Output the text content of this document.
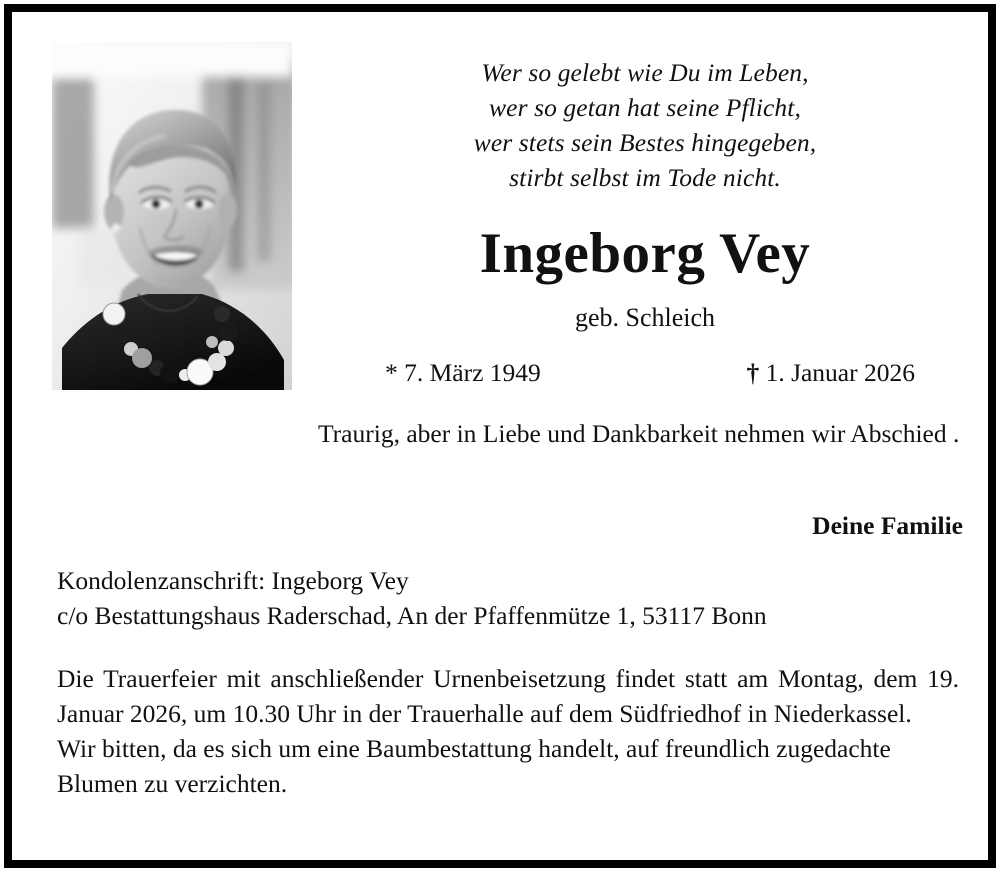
Wer so gelebt wie Du im Leben,
wer so getan hat seine Pflicht,
wer stets sein Bestes hingegeben,
stirbt selbst im Tode nicht.
Ingeborg Vey
geb. Schleich
* 7. März 1949	† 1. Januar 2026
Traurig, aber in Liebe und Dankbarkeit nehmen wir Abschied .
Deine Familie
Kondolenzanschrift: Ingeborg Vey
c/o Bestattungshaus Raderschad, An der Pfaffenmütze 1, 53117 Bonn

Die Trauerfeier mit anschließender Urnenbeisetzung findet statt am Montag, dem 19. Januar 2026, um 10.30 Uhr in der Trauerhalle auf dem Südfriedhof in Niederkassel.

Wir bitten, da es sich um eine Baumbestattung handelt, auf freundlich zugedachte Blumen zu verzichten.
